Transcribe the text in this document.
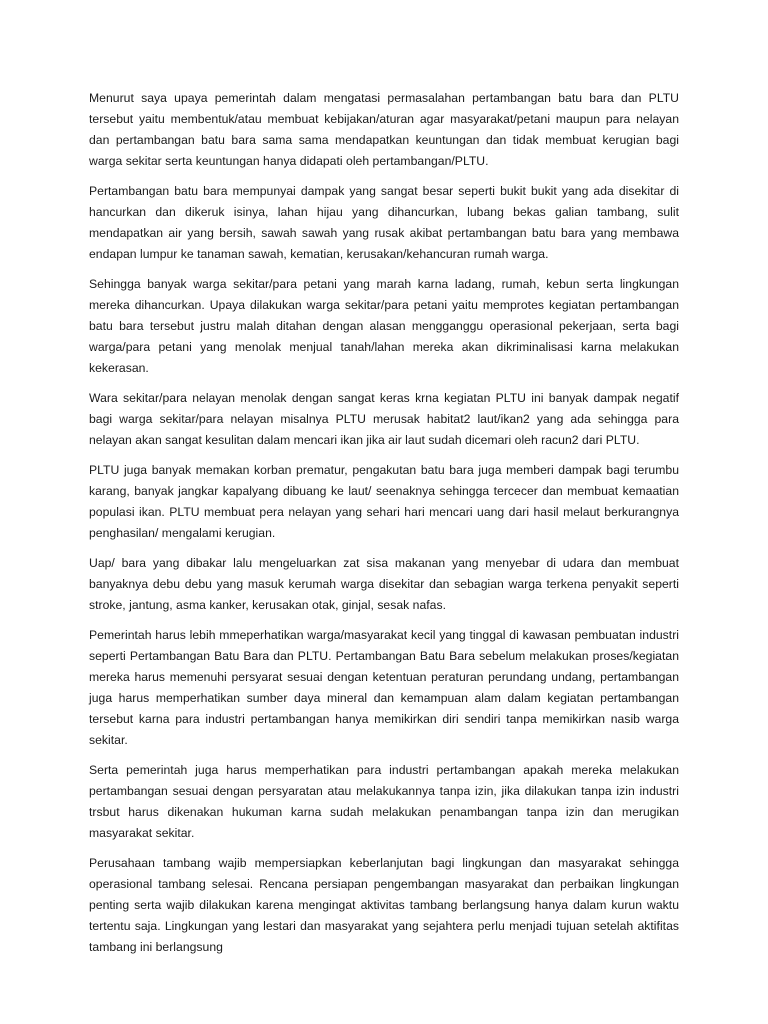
Menurut saya upaya pemerintah dalam mengatasi permasalahan pertambangan batu bara dan PLTU tersebut yaitu membentuk/atau membuat kebijakan/aturan agar masyarakat/petani maupun para nelayan dan pertambangan batu bara sama sama mendapatkan keuntungan dan tidak membuat kerugian bagi warga sekitar serta keuntungan hanya didapati oleh pertambangan/PLTU.

Pertambangan batu bara mempunyai dampak yang sangat besar seperti bukit bukit yang ada disekitar di hancurkan dan dikeruk isinya, lahan hijau yang dihancurkan, lubang bekas galian tambang, sulit mendapatkan air yang bersih, sawah sawah yang rusak akibat pertambangan batu bara yang membawa endapan lumpur ke tanaman sawah, kematian, kerusakan/kehancuran rumah warga.

Sehingga banyak warga sekitar/para petani yang marah karna ladang, rumah, kebun serta lingkungan mereka dihancurkan. Upaya dilakukan warga sekitar/para petani yaitu memprotes kegiatan pertambangan batu bara tersebut justru malah ditahan dengan alasan mengganggu operasional pekerjaan, serta bagi warga/para petani yang menolak menjual tanah/lahan mereka akan dikriminalisasi karna melakukan kekerasan.

Wara sekitar/para nelayan menolak dengan sangat keras krna kegiatan PLTU ini banyak dampak negatif bagi warga sekitar/para nelayan misalnya PLTU merusak habitat2 laut/ikan2 yang ada sehingga para nelayan akan sangat kesulitan dalam mencari ikan jika air laut sudah dicemari oleh racun2 dari PLTU.

PLTU juga banyak memakan korban prematur, pengakutan batu bara juga memberi dampak bagi terumbu karang, banyak jangkar kapalyang dibuang ke laut/ seenaknya sehingga tercecer dan membuat kemaatian populasi ikan. PLTU membuat pera nelayan yang sehari hari mencari uang dari hasil melaut berkurangnya penghasilan/ mengalami kerugian.

Uap/ bara yang dibakar lalu mengeluarkan zat sisa makanan yang menyebar di udara dan membuat banyaknya debu debu yang masuk kerumah warga disekitar dan sebagian warga terkena penyakit seperti stroke, jantung, asma kanker, kerusakan otak, ginjal, sesak nafas.

Pemerintah harus lebih mmeperhatikan warga/masyarakat kecil yang tinggal di kawasan pembuatan industri seperti Pertambangan Batu Bara dan PLTU. Pertambangan Batu Bara sebelum melakukan proses/kegiatan mereka harus memenuhi persyarat sesuai dengan ketentuan peraturan perundang undang, pertambangan juga harus memperhatikan sumber daya mineral dan kemampuan alam dalam kegiatan pertambangan tersebut karna para industri pertambangan hanya memikirkan diri sendiri tanpa memikirkan nasib warga sekitar.

Serta pemerintah juga harus memperhatikan para industri pertambangan apakah mereka melakukan pertambangan sesuai dengan persyaratan atau melakukannya tanpa izin, jika dilakukan tanpa izin industri trsbut harus dikenakan hukuman karna sudah melakukan penambangan tanpa izin dan merugikan masyarakat sekitar.

Perusahaan tambang wajib mempersiapkan keberlanjutan bagi lingkungan dan masyarakat sehingga operasional tambang selesai. Rencana persiapan pengembangan masyarakat dan perbaikan lingkungan penting serta wajib dilakukan karena mengingat aktivitas tambang berlangsung hanya dalam kurun waktu tertentu saja. Lingkungan yang lestari dan masyarakat yang sejahtera perlu menjadi tujuan setelah aktifitas tambang ini berlangsung
